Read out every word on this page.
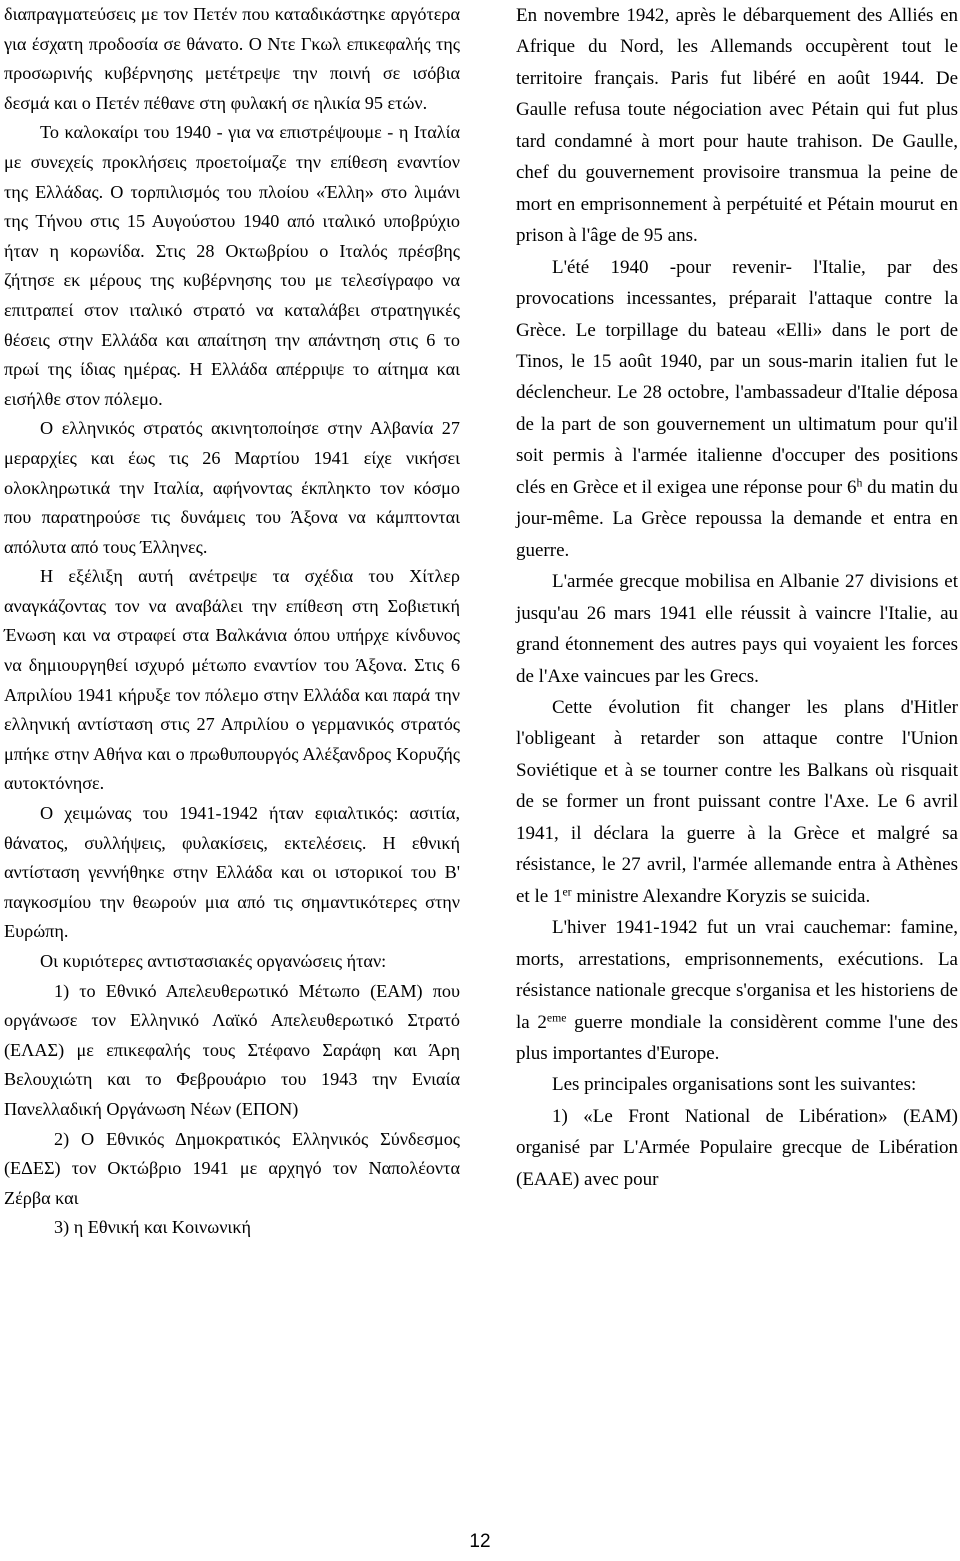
διαπραγματεύσεις με τον Πετέν που καταδικάστηκε αργότερα για έσχατη προδοσία σε θάνατο. Ο Ντε Γκωλ επικεφαλής της προσωρινής κυβέρνησης μετέτρεψε την ποινή σε ισόβια δεσμά και ο Πετέν πέθανε στη φυλακή σε ηλικία 95 ετών.

Το καλοκαίρι του 1940 - για να επιστρέψουμε - η Ιταλία με συνεχείς προκλήσεις προετοίμαζε την επίθεση εναντίον της Ελλάδας. Ο τορπιλισμός του πλοίου «Έλλη» στο λιμάνι της Τήνου στις 15 Αυγούστου 1940 από ιταλικό υποβρύχιο ήταν η κορωνίδα. Στις 28 Οκτωβρίου ο Ιταλός πρέσβης ζήτησε εκ μέρους της κυβέρνησης του με τελεσίγραφο να επιτραπεί στον ιταλικό στρατό να καταλάβει στρατηγικές θέσεις στην Ελλάδα και απαίτηση την απάντηση στις 6 το πρωί της ίδιας ημέρας. Η Ελλάδα απέρριψε το αίτημα και εισήλθε στον πόλεμο.

Ο ελληνικός στρατός ακινητοποίησε στην Αλβανία 27 μεραρχίες και έως τις 26 Μαρτίου 1941 είχε νικήσει ολοκληρωτικά την Ιταλία, αφήνοντας έκπληκτο τον κόσμο που παρατηρούσε τις δυνάμεις του Άξονα να κάμπτονται απόλυτα από τους Έλληνες.

Η εξέλιξη αυτή ανέτρεψε τα σχέδια του Χίτλερ αναγκάζοντας τον να αναβάλει την επίθεση στη Σοβιετική Ένωση και να στραφεί στα Βαλκάνια όπου υπήρχε κίνδυνος να δημιουργηθεί ισχυρό μέτωπο εναντίον του Άξονα. Στις 6 Απριλίου 1941 κήρυξε τον πόλεμο στην Ελλάδα και παρά την ελληνική αντίσταση στις 27 Απριλίου ο γερμανικός στρατός μπήκε στην Αθήνα και ο πρωθυπουργός Αλέξανδρος Κορυζής αυτοκτόνησε.

Ο χειμώνας του 1941-1942 ήταν εφιαλτικός: ασιτία, θάνατος, συλλήψεις, φυλακίσεις, εκτελέσεις. Η εθνική αντίσταση γεννήθηκε στην Ελλάδα και οι ιστορικοί του Β' παγκοσμίου την θεωρούν μια από τις σημαντικότερες στην Ευρώπη.

Οι κυριότερες αντιστασιακές οργανώσεις ήταν:

1) το Εθνικό Απελευθερωτικό Μέτωπο (ΕΑΜ) που οργάνωσε τον Ελληνικό Λαϊκό Απελευθερωτικό Στρατό (ΕΛΑΣ) με επικεφαλής τους Στέφανο Σαράφη και Άρη Βελουχιώτη και το Φεβρουάριο του 1943 την Ενιαία Πανελλαδική Οργάνωση Νέων (ΕΠΟΝ)

2) Ο Εθνικός Δημοκρατικός Ελληνικός Σύνδεσμος (ΕΔΕΣ) τον Οκτώβριο 1941 με αρχηγό τον Ναπολέοντα Ζέρβα και

3) η Εθνική και Κοινωνική

En novembre 1942, après le débarquement des Alliés en Afrique du Nord, les Allemands occupèrent tout le territoire français. Paris fut libéré en août 1944. De Gaulle refusa toute négociation avec Pétain qui fut plus tard condamné à mort pour haute trahison. De Gaulle, chef du gouvernement provisoire transmua la peine de mort en emprisonnement à perpétuité et Pétain mourut en prison à l'âge de 95 ans.

L'été 1940 -pour revenir- l'Italie, par des provocations incessantes, préparait l'attaque contre la Grèce. Le torpillage du bateau «Elli» dans le port de Tinos, le 15 août 1940, par un sous-marin italien fut le déclencheur. Le 28 octobre, l'ambassadeur d'Italie déposa de la part de son gouvernement un ultimatum pour qu'il soit permis à l'armée italienne d'occuper des positions clés en Grèce et il exigea une réponse pour 6$^h$ du matin du jour-même. La Grèce repoussa la demande et entra en guerre.

L'armée grecque mobilisa en Albanie 27 divisions et jusqu'au 26 mars 1941 elle réussit à vaincre l'Italie, au grand étonnement des autres pays qui voyaient les forces de l'Axe vaincues par les Grecs.

Cette évolution fit changer les plans d'Hitler l'obligeant à retarder son attaque contre l'Union Soviétique et à se tourner contre les Balkans où risquait de se former un front puissant contre l'Axe. Le 6 avril 1941, il déclara la guerre à la Grèce et malgré sa résistance, le 27 avril, l'armée allemande entra à Athènes et le 1er ministre Alexandre Koryzis se suicida.

L'hiver 1941-1942 fut un vrai cauchemar: famine, morts, arrestations, emprisonnements, exécutions. La résistance nationale grecque s'organisa et les historiens de la 2eme guerre mondiale la considèrent comme l'une des plus importantes d'Europe.

Les principales organisations sont les suivantes:

1) «Le Front National de Libération» (EAM) organisé par L'Armée Populaire grecque de Libération (EAAE) avec pour

12
